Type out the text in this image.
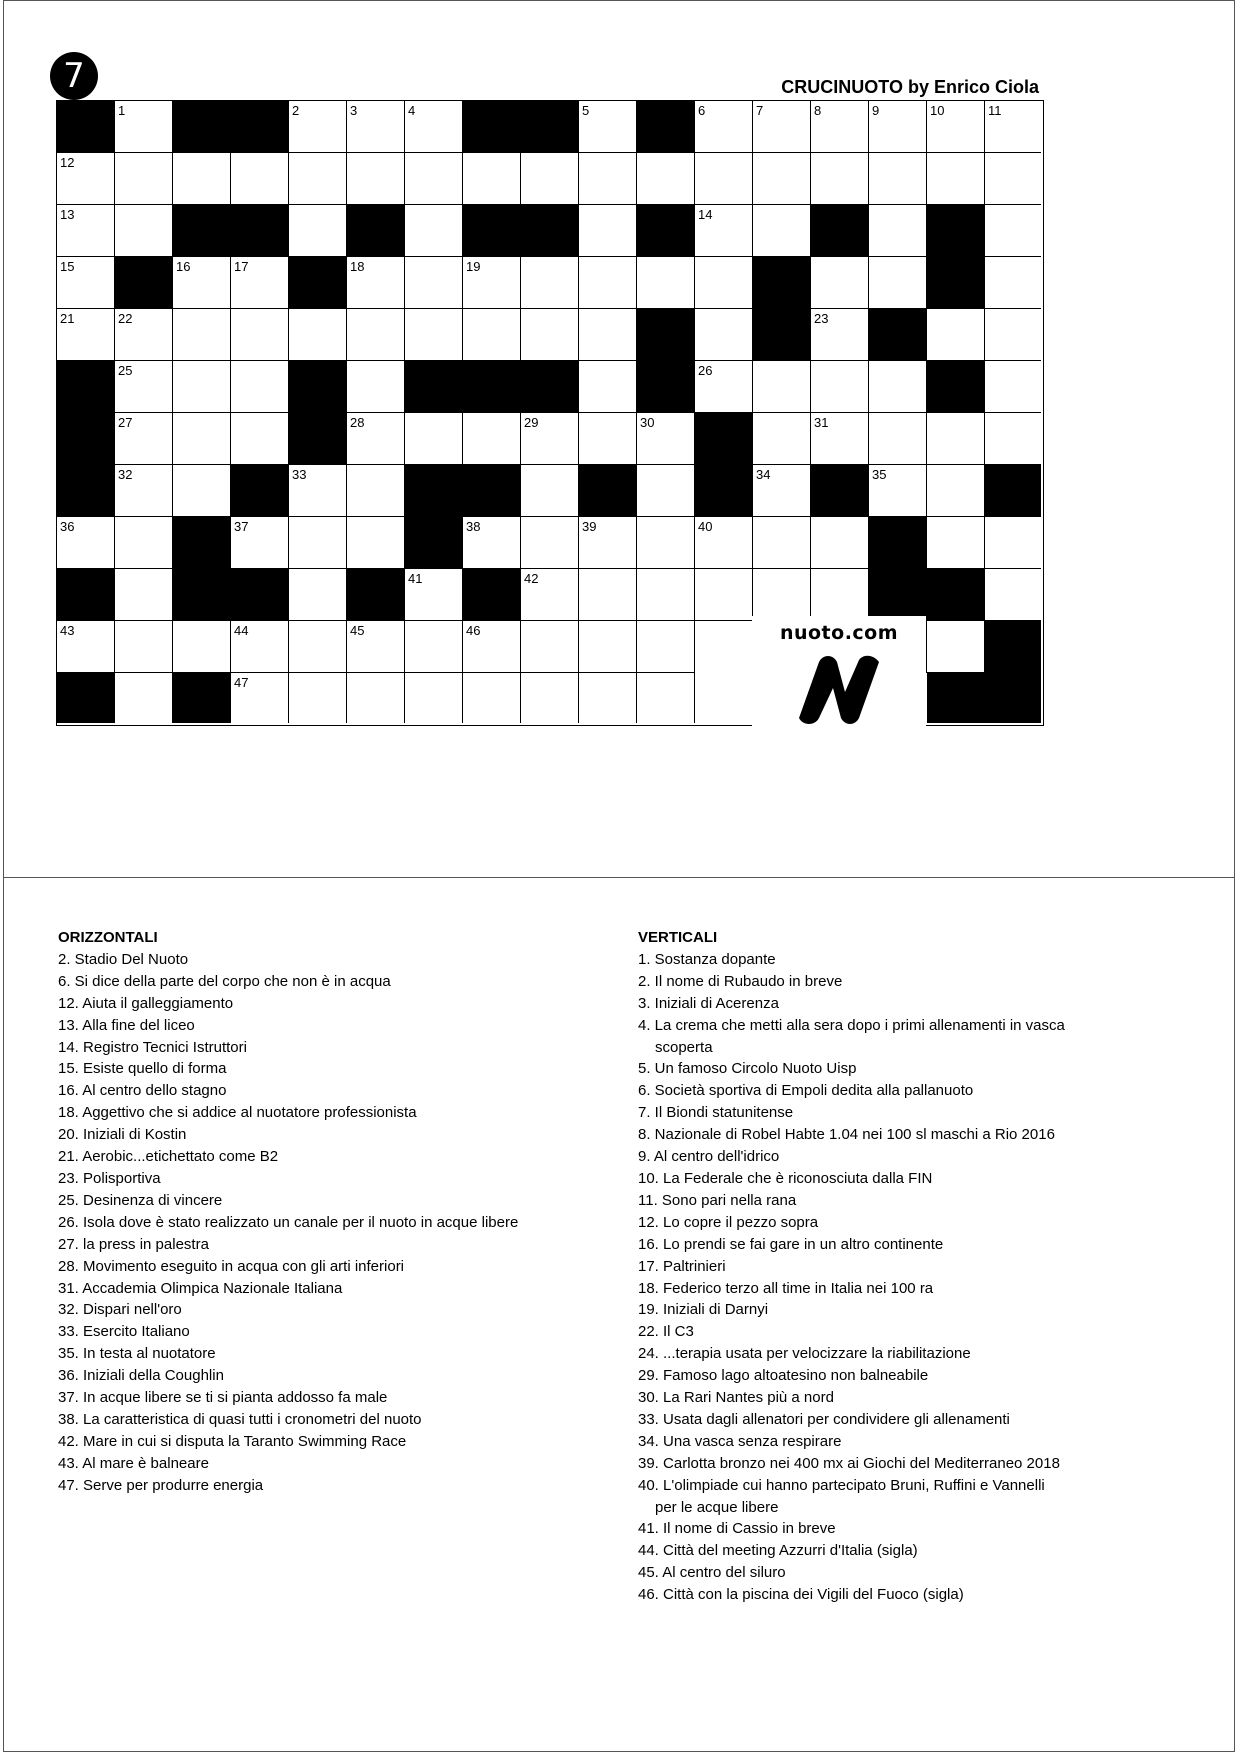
7	CRUCINUOTO by Enrico Ciola
1	2	3	4	5	6	7	8	9	10	11
12
13	14
15	16	17	18	19	20
21	22	23	24
25	26
27	28	29	30	31
32	33	34	35
36	37	38	39	40
41	42
43	44	45	46
47
nuoto.com
ORIZZONTALI
2. Stadio Del Nuoto
6. Si dice della parte del corpo che non è in acqua
12. Aiuta il galleggiamento
13. Alla fine del liceo
14. Registro Tecnici Istruttori
15. Esiste quello di forma
16. Al centro dello stagno
18. Aggettivo che si addice al nuotatore professionista
20. Iniziali di Kostin
21. Aerobic...etichettato come B2
23. Polisportiva
25. Desinenza di vincere
26. Isola dove è stato realizzato un canale per il nuoto in acque libere
27. la press in palestra
28. Movimento eseguito in acqua con gli arti inferiori
31. Accademia Olimpica Nazionale Italiana
32. Dispari nell'oro
33. Esercito Italiano
35. In testa al nuotatore
36. Iniziali della Coughlin
37. In acque libere se ti si pianta addosso fa male
38. La caratteristica di quasi tutti i cronometri del nuoto
42. Mare in cui si disputa la Taranto Swimming Race
43. Al mare è balneare
47. Serve per produrre energia
VERTICALI
1. Sostanza dopante
2. Il nome di Rubaudo in breve
3. Iniziali di Acerenza
4. La crema che metti alla sera dopo i primi allenamenti in vasca
scoperta
5. Un famoso Circolo Nuoto Uisp
6. Società sportiva di Empoli dedita alla pallanuoto
7. Il Biondi statunitense
8. Nazionale di Robel Habte 1.04 nei 100 sl maschi a Rio 2016
9. Al centro dell'idrico
10. La Federale che è riconosciuta dalla FIN
11. Sono pari nella rana
12. Lo copre il pezzo sopra
16. Lo prendi se fai gare in un altro continente
17. Paltrinieri
18. Federico terzo all time in Italia nei 100 ra
19. Iniziali di Darnyi
22. Il C3
24. ...terapia usata per velocizzare la riabilitazione
29. Famoso lago altoatesino non balneabile
30. La Rari Nantes più a nord
33. Usata dagli allenatori per condividere gli allenamenti
34. Una vasca senza respirare
39. Carlotta bronzo nei 400 mx ai Giochi del Mediterraneo 2018
40. L'olimpiade cui hanno partecipato Bruni, Ruffini e Vannelli
per le acque libere
41. Il nome di Cassio in breve
44. Città del meeting Azzurri d'Italia (sigla)
45. Al centro del siluro
46. Città con la piscina dei Vigili del Fuoco (sigla)
